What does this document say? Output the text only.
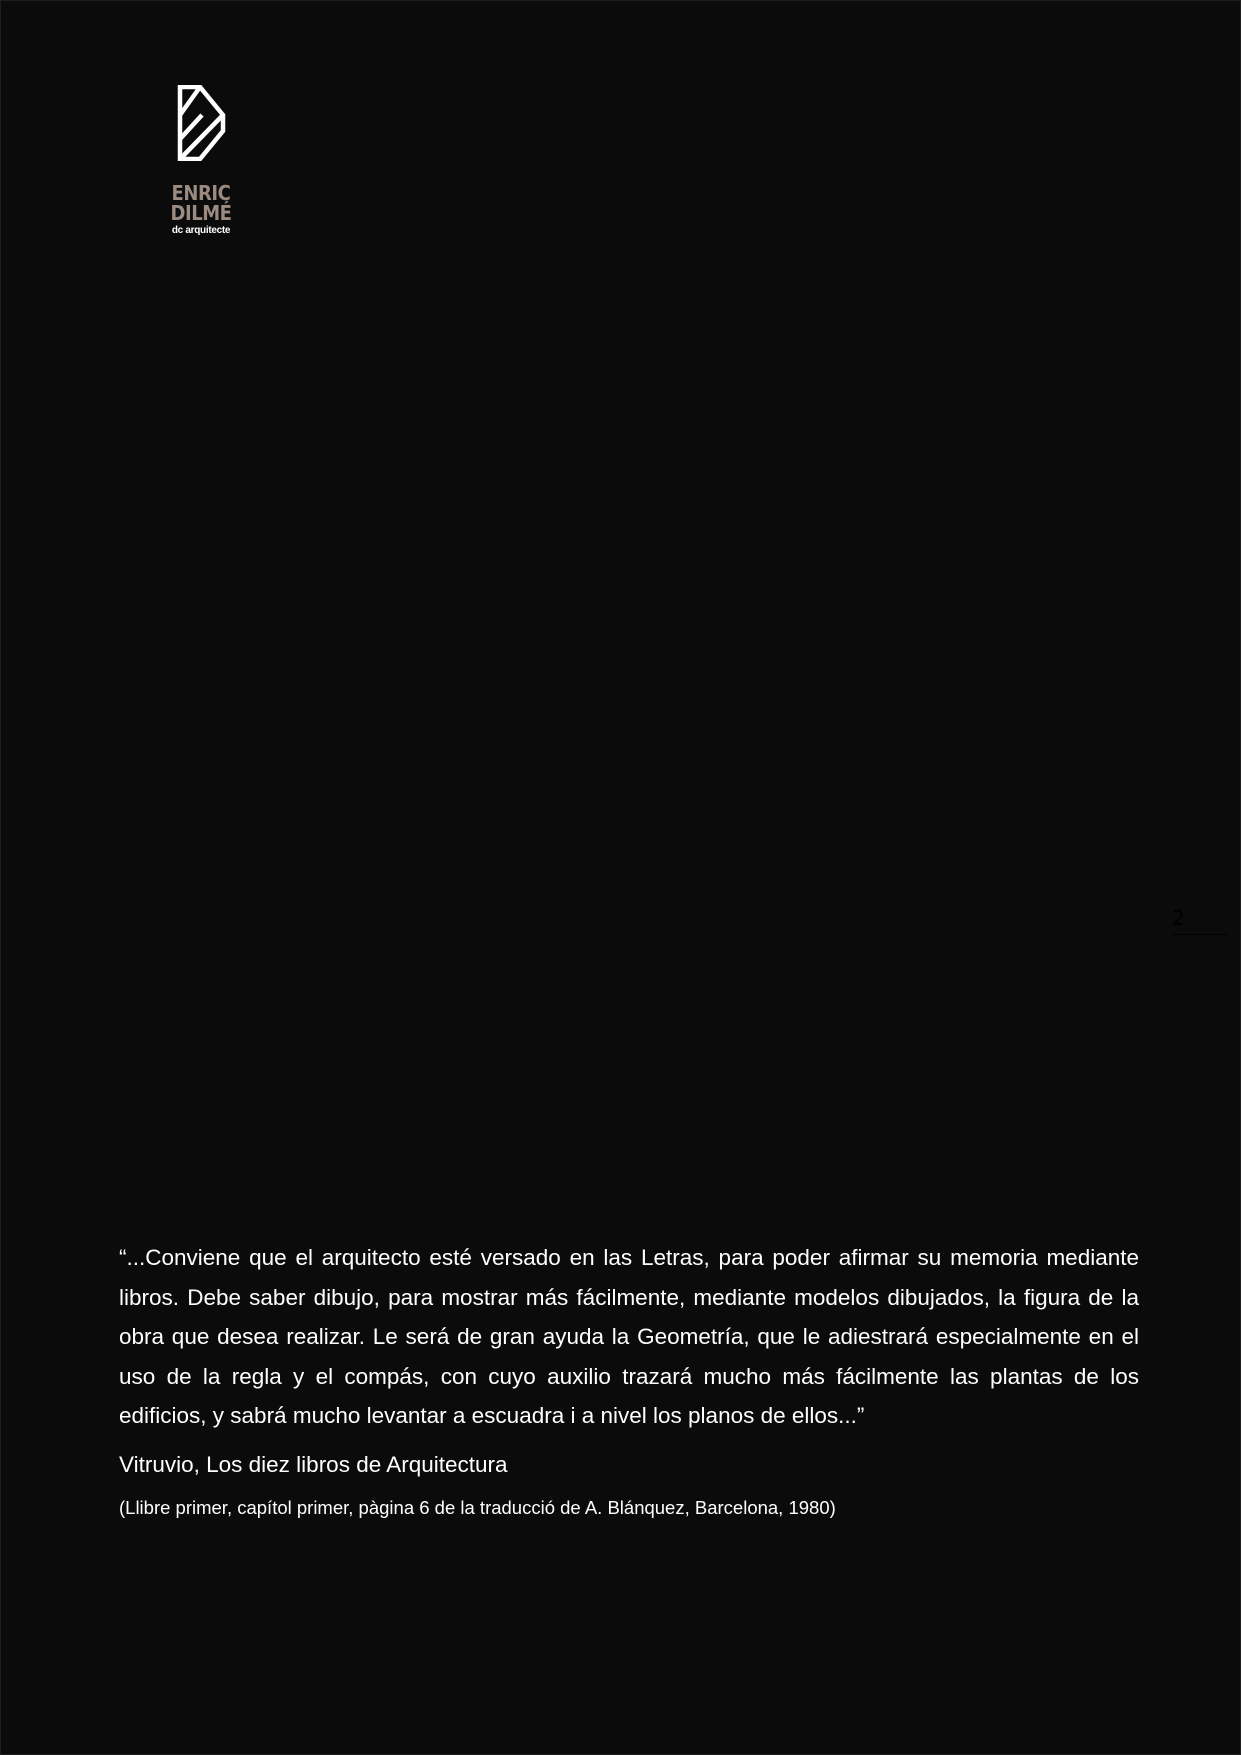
ENRIC DILMÉ
dc arquitecte
2

“...Conviene que el arquitecto esté versado en las Letras, para poder afirmar su memoria mediante libros. Debe saber dibujo, para mostrar más fácilmente, mediante modelos dibujados, la figura de la obra que desea realizar. Le será de gran ayuda la Geometría, que le adiestrará especialmente en el uso de la regla y el compás, con cuyo auxilio trazará mucho más fácilmente las plantas de los edificios, y sabrá mucho levantar a escuadra i a nivel los planos de ellos...”

Vitruvio, Los diez libros de Arquitectura

(Llibre primer, capítol primer, pàgina 6 de la traducció de A. Blánquez, Barcelona, 1980)
